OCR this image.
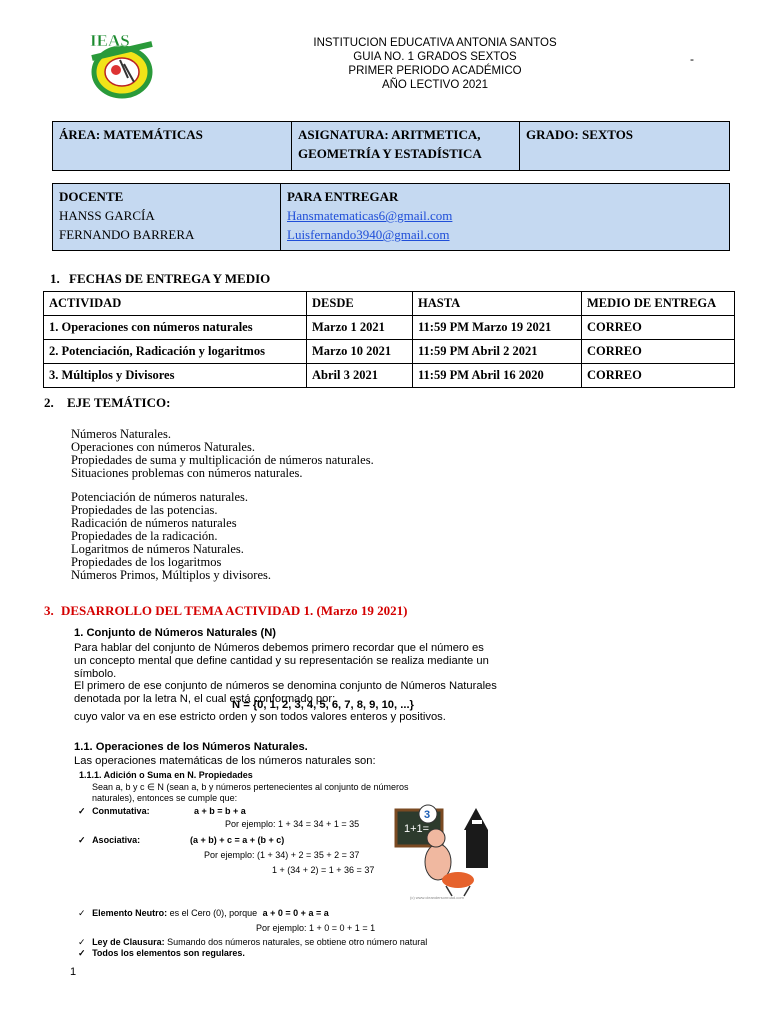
IEAS	INSTITUCION EDUCATIVA ANTONIA SANTOS
GUIA NO. 1 GRADOS SEXTOS
PRIMER PERIODO ACADÉMICO
AÑO LECTIVO 2021
-
ÁREA: MATEMÁTICAS	ASIGNATURA: ARITMETICA,
GEOMETRÍA Y ESTADÍSTICA

GRADO: SEXTOS
DOCENTE
HANSS GARCÍA
FERNANDO BARRERA

PARA ENTREGAR
Hansmatematicas6@gmail.com
Luisfernando3940@gmail.com
1. FECHAS DE ENTREGA Y MEDIO
ACTIVIDAD	DESDE	HASTA	MEDIO DE ENTREGA
1. Operaciones con números naturales	Marzo 1 2021	11:59 PM Marzo 19 2021	CORREO
2. Potenciación, Radicación y logaritmos	Marzo 10 2021	11:59 PM Abril 2 2021	CORREO
3. Múltiplos y Divisores	Abril 3 2021	11:59 PM Abril 16 2020	CORREO
2. EJE TEMÁTICO:
Números Naturales.
Operaciones con números Naturales.
Propiedades de suma y multiplicación de números naturales.
Situaciones problemas con números naturales.
Potenciación de números naturales.
Propiedades de las potencias.
Radicación de números naturales
Propiedades de la radicación.
Logaritmos de números Naturales.
Propiedades de los logaritmos
Números Primos, Múltiplos y divisores.
3. DESARROLLO DEL TEMA ACTIVIDAD 1. (Marzo 19 2021)
1. Conjunto de Números Naturales (N)
Para hablar del conjunto de Números debemos primero recordar que el número es
un concepto mental que define cantidad y su representación se realiza mediante un
símbolo.
El primero de ese conjunto de números se denomina conjunto de Números Naturales
denotada por la letra N, el cual está conformado por:
N = {0, 1, 2, 3, 4, 5, 6, 7, 8, 9, 10, ...}
cuyo valor va en ese estricto orden y son todos valores enteros y positivos.
1.1. Operaciones de los Números Naturales.
Las operaciones matemáticas de los números naturales son:
1.1.1. Adición o Suma en N. Propiedades
Sean a, b y c ∈ N (sean a, b y números pertenecientes al conjunto de números
naturales), entonces se cumple que:
✓ Conmutativa:	a + b = b + a
Por ejemplo: 1 + 34 = 34 + 1 = 35
✓ Asociativa:	(a + b) + c = a + (b + c)
Por ejemplo: (1 + 34) + 2 = 35 + 2 = 37
1 + (34 + 2) = 1 + 36 = 37
1+1=
3
(c) www.cleandersonroad.com
✓ Elemento Neutro: es el Cero (0), porque a + 0 = 0 + a = a
Por ejemplo: 1 + 0 = 0 + 1 = 1
✓ Ley de Clausura: Sumando dos números naturales, se obtiene otro número natural
✓ Todos los elementos son regulares.
1
